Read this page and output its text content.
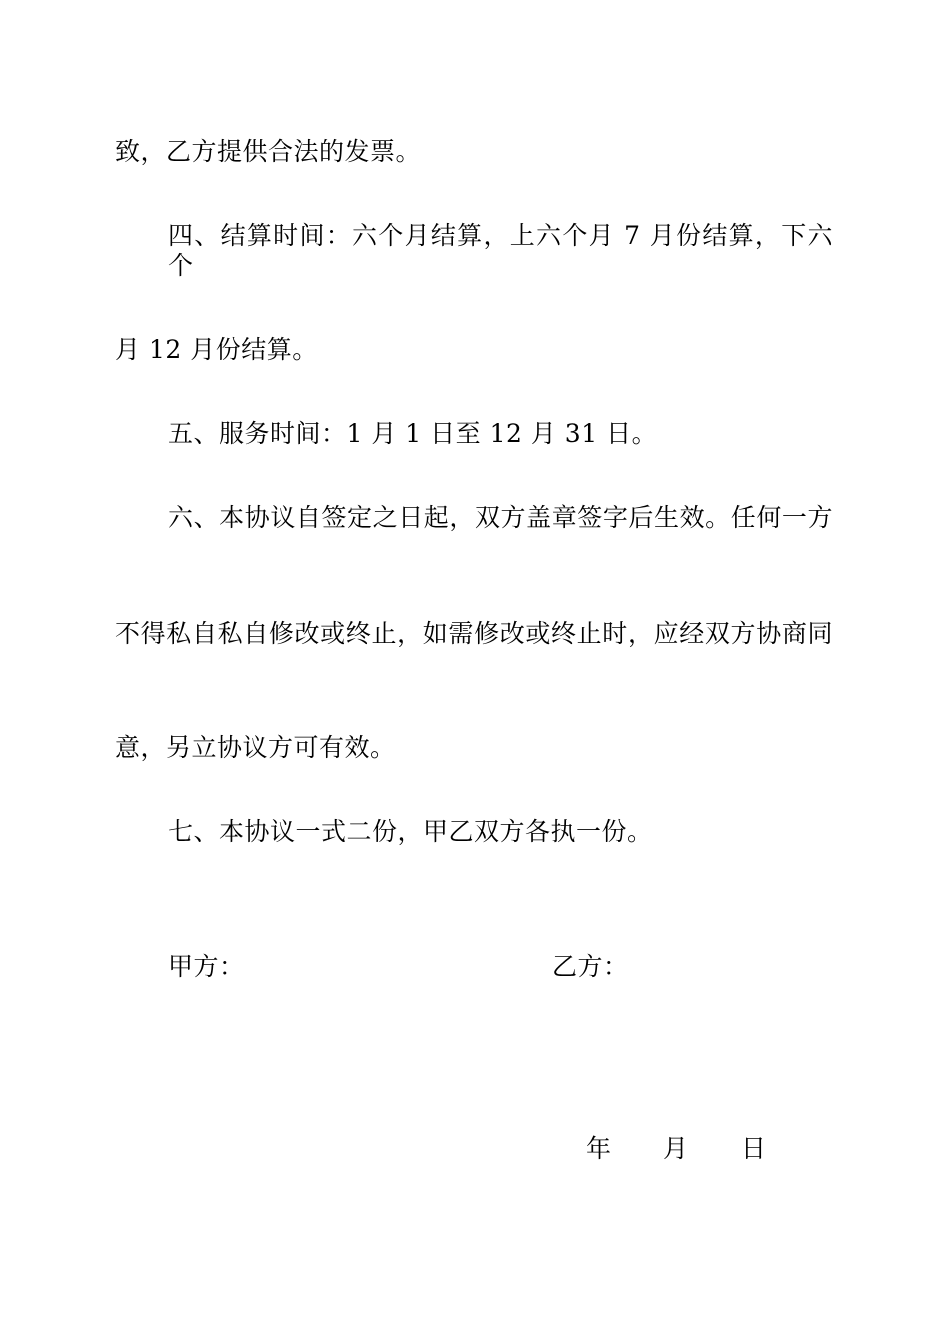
致，乙方提供合法的发票。
四、结算时间：六个月结算，上六个月 7 月份结算，下六个
月 12 月份结算。
五、服务时间：1 月 1 日至 12 月 31 日。
六、本协议自签定之日起，双方盖章签字后生效。任何一方
不得私自私自修改或终止，如需修改或终止时，应经双方协商同
意，另立协议方可有效。
七、本协议一式二份，甲乙双方各执一份。
甲方：	乙方：
年 月 日
